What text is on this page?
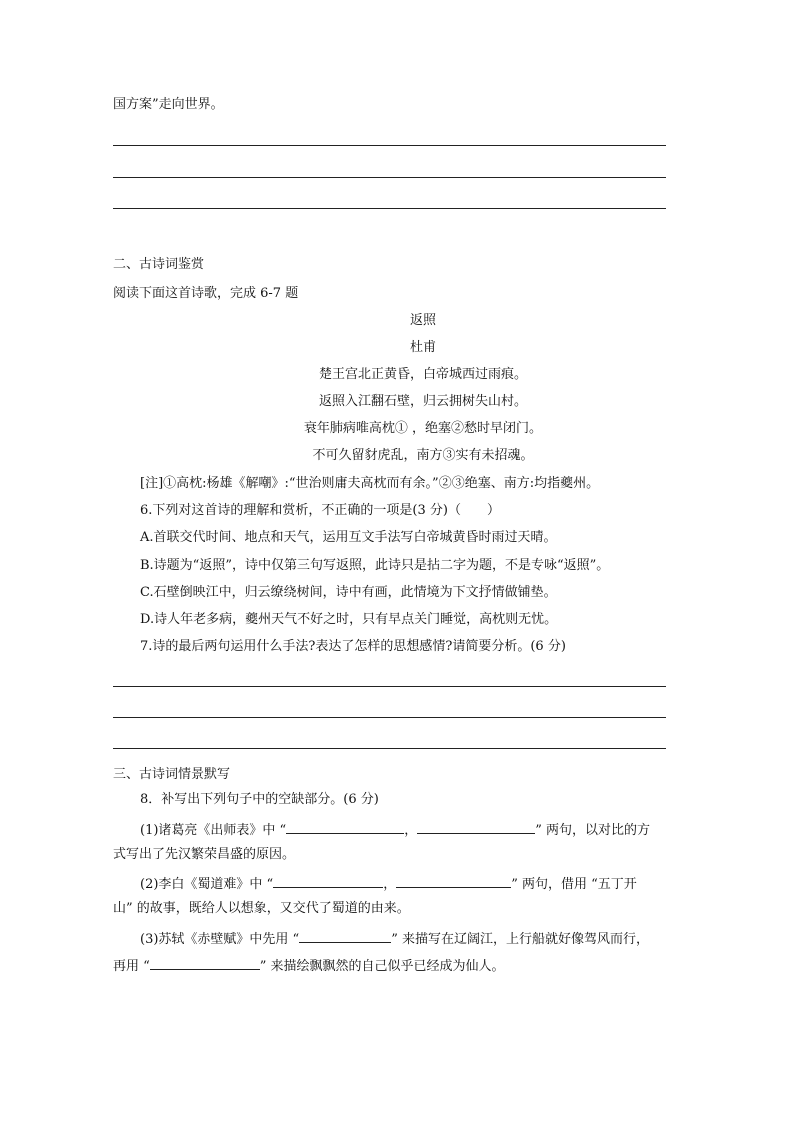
国方案”走向世界。
二、古诗词鉴赏
阅读下面这首诗歌，完成 6-7 题
返照
杜甫
楚王宫北正黄昏，白帝城西过雨痕。
返照入江翻石壁，归云拥树失山村。
衰年肺病唯高枕① ，绝塞②愁时早闭门。
不可久留豺虎乱，南方③实有未招魂。
[注]①高枕:杨雄《解嘲》:“世治则庸夫高枕而有余。”②③绝塞、南方:均指夔州。
6.下列对这首诗的理解和赏析，不正确的一项是(3 分)（　　）
A.首联交代时间、地点和天气，运用互文手法写白帝城黄昏时雨过天晴。
B.诗题为“返照”，诗中仅第三句写返照，此诗只是拈二字为题，不是专咏“返照”。
C.石壁倒映江中，归云缭绕树间，诗中有画，此情境为下文抒情做铺垫。
D.诗人年老多病，夔州天气不好之时，只有早点关门睡觉，高枕则无忧。
7.诗的最后两句运用什么手法?表达了怎样的思想感情?请简要分析。(6 分)
三、古诗词情景默写
8．补写出下列句子中的空缺部分。(6 分)
(1)诸葛亮《出师表》中 “	，	” 两句，以对比的方
式写出了先汉繁荣昌盛的原因。
(2)李白《蜀道难》中 “	，	” 两句，借用 “五丁开
山” 的故事，既给人以想象，又交代了蜀道的由来。
(3)苏轼《赤壁赋》中先用 “	” 来描写在辽阔江，上行船就好像驾风而行，
再用 “	” 来描绘飘飘然的自己似乎已经成为仙人。
